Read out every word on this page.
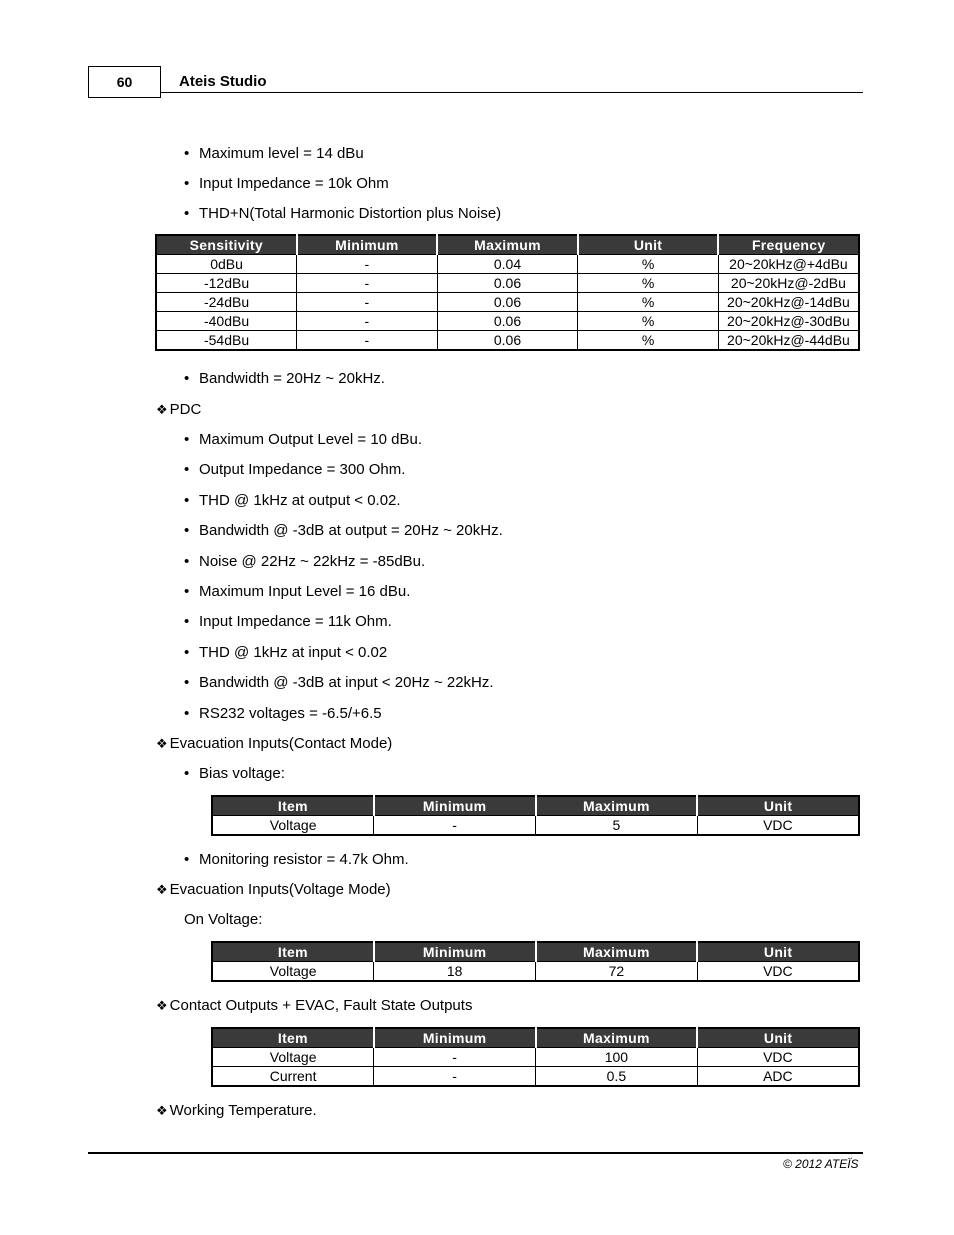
60	Ateis Studio
• Maximum level = 14 dBu
• Input Impedance = 10k Ohm
• THD+N(Total Harmonic Distortion plus Noise)
Sensitivity	Minimum	Maximum	Unit	Frequency
0dBu	-	0.04	%	20~20kHz@+4dBu
-12dBu	-	0.06	%	20~20kHz@-2dBu
-24dBu	-	0.06	%	20~20kHz@-14dBu
-40dBu	-	0.06	%	20~20kHz@-30dBu
-54dBu	-	0.06	%	20~20kHz@-44dBu
• Bandwidth = 20Hz ~ 20kHz.
❖ PDC
• Maximum Output Level = 10 dBu.
• Output Impedance = 300 Ohm.
• THD @ 1kHz at output < 0.02.
• Bandwidth @ -3dB at output = 20Hz ~ 20kHz.
• Noise @ 22Hz ~ 22kHz = -85dBu.
• Maximum Input Level = 16 dBu.
• Input Impedance = 11k Ohm.
• THD @ 1kHz at input < 0.02
• Bandwidth @ -3dB at input < 20Hz ~ 22kHz.
• RS232 voltages = -6.5/+6.5
❖ Evacuation Inputs(Contact Mode)
• Bias voltage:
Item	Minimum	Maximum	Unit
Voltage	-	5	VDC
• Monitoring resistor = 4.7k Ohm.
❖ Evacuation Inputs(Voltage Mode)
On Voltage:
Item	Minimum	Maximum	Unit
Voltage	18	72	VDC
❖ Contact Outputs + EVAC, Fault State Outputs
Item	Minimum	Maximum	Unit
Voltage	-	100	VDC
Current	-	0.5	ADC
❖ Working Temperature.
© 2012 ATEÏS
